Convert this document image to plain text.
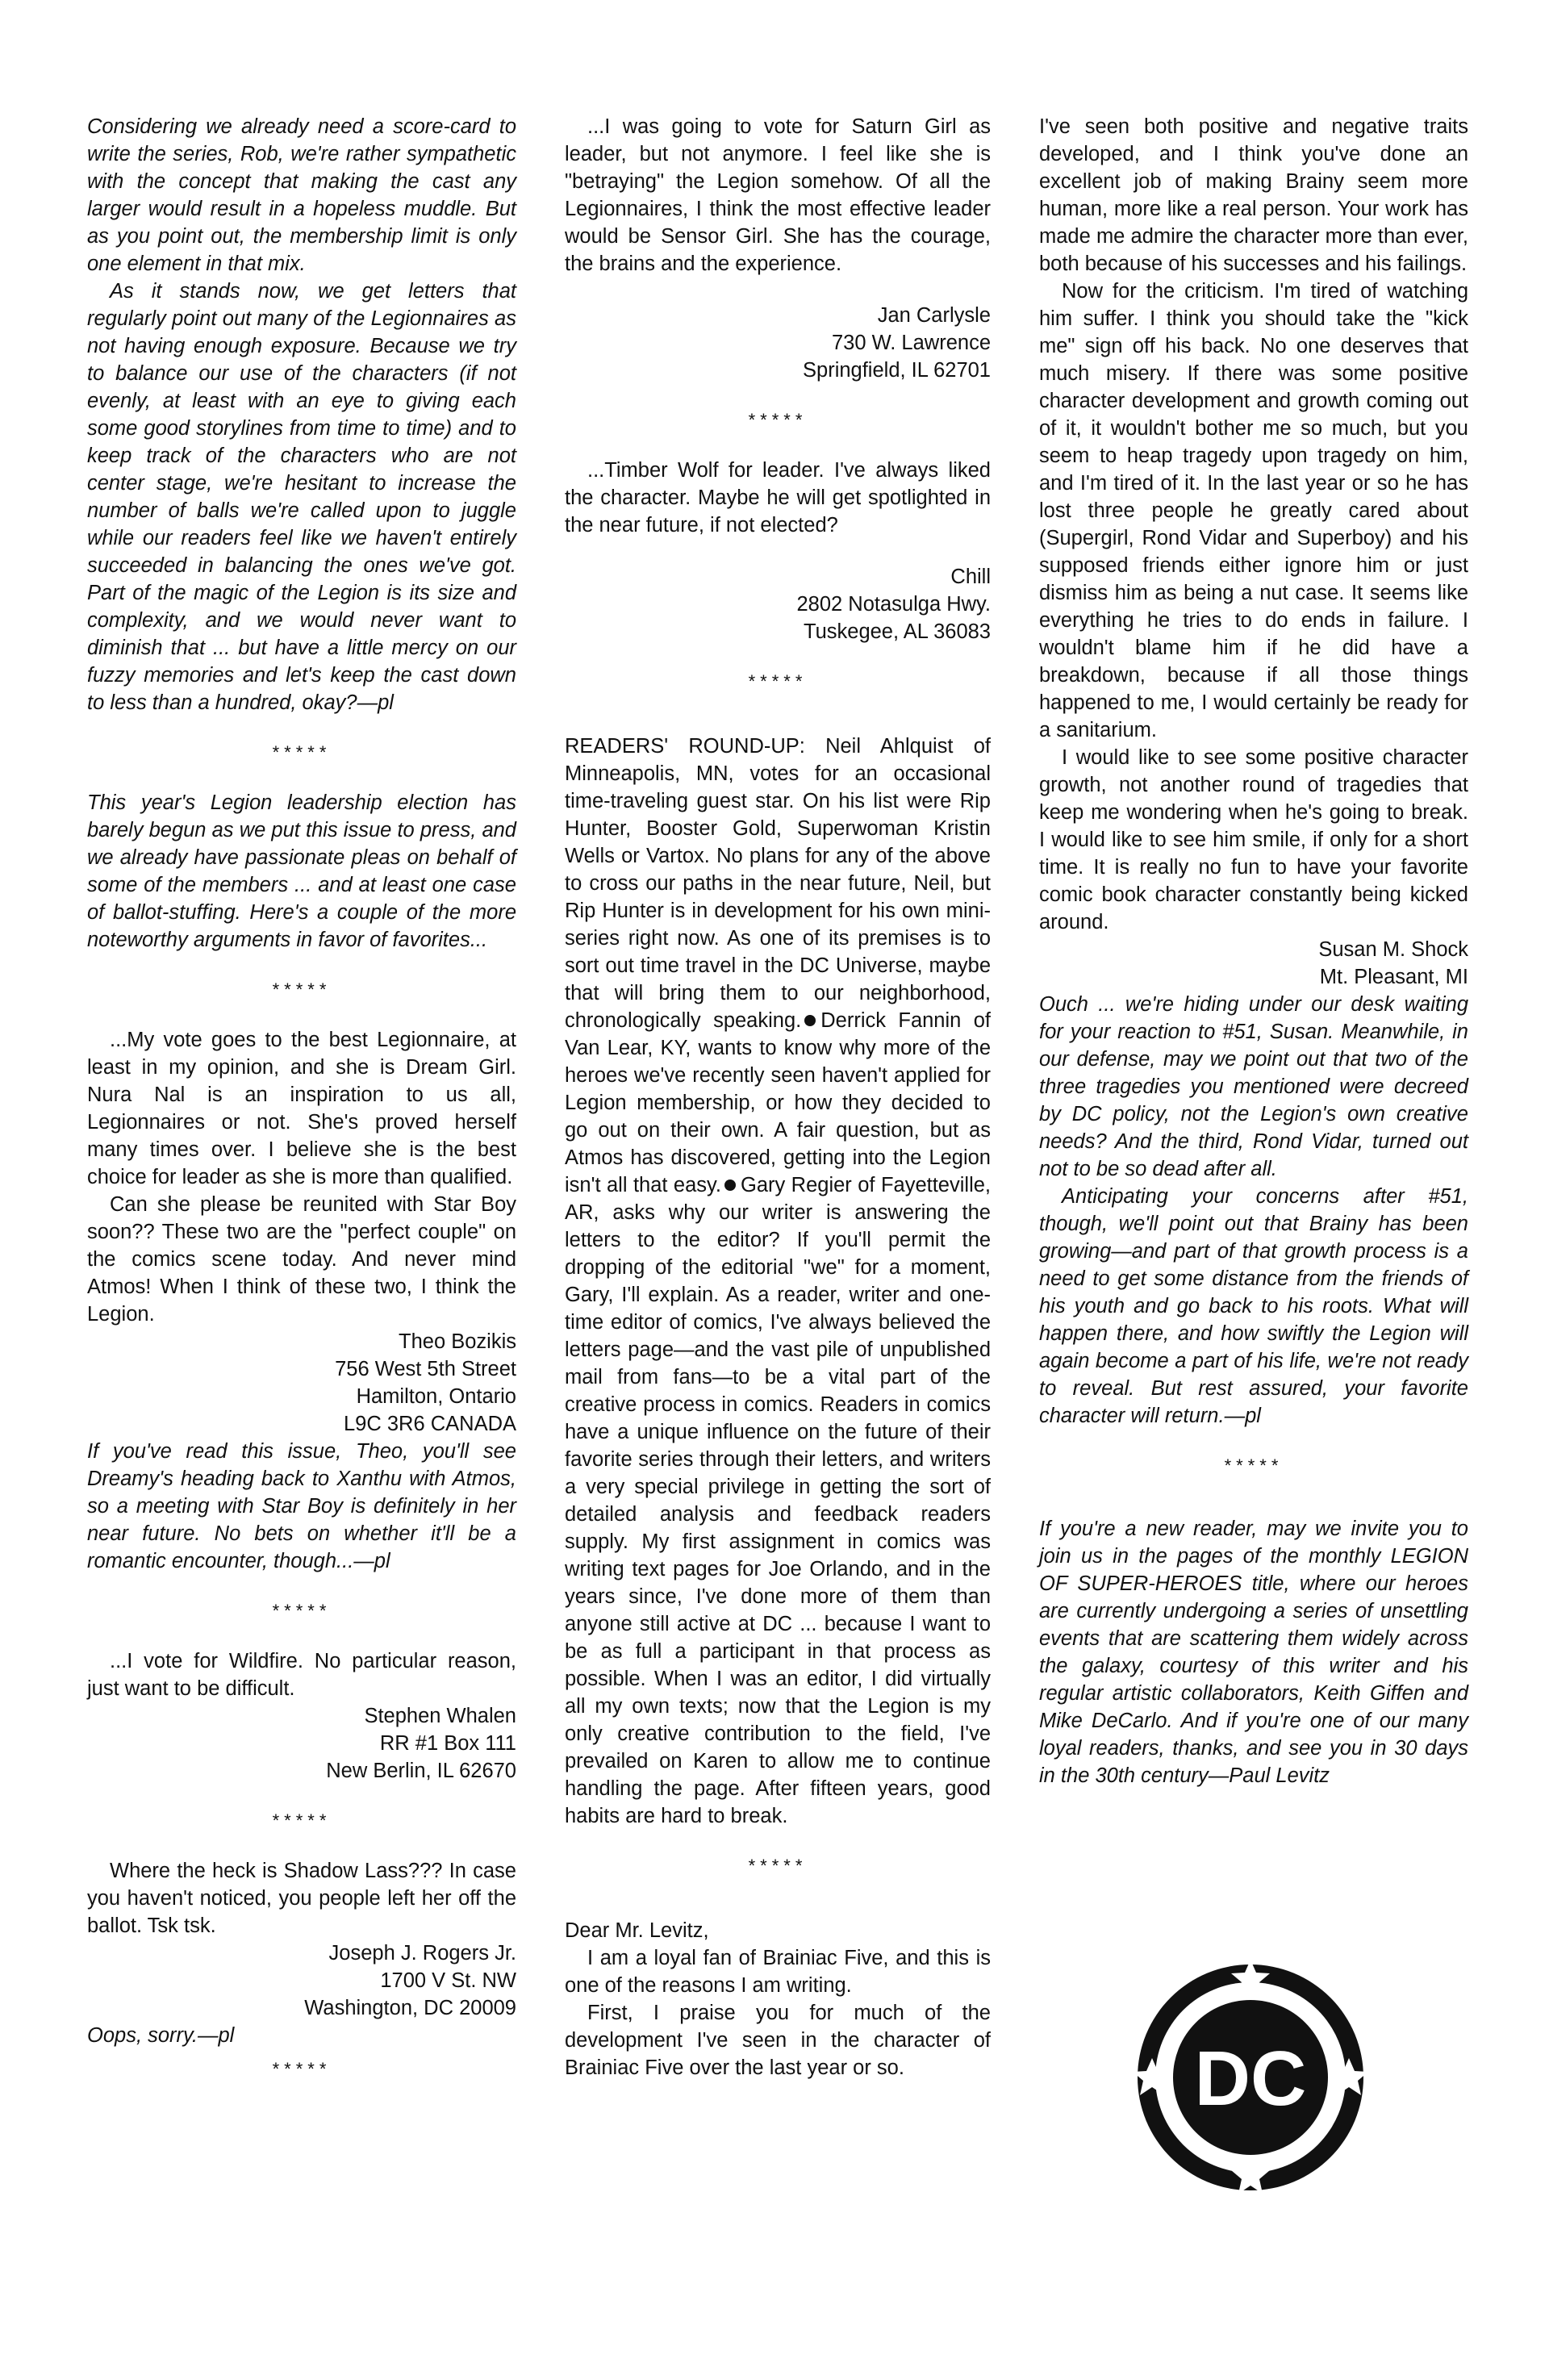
Considering we already need a score-card to write the series, Rob, we're rather sympathetic with the concept that making the cast any larger would result in a hopeless muddle. But as you point out, the membership limit is only one element in that mix.

As it stands now, we get letters that regularly point out many of the Legionnaires as not having enough exposure. Because we try to balance our use of the characters (if not evenly, at least with an eye to giving each some good storylines from time to time) and to keep track of the characters who are not center stage, we're hesitant to increase the number of balls we're called upon to juggle while our readers feel like we haven't entirely succeeded in balancing the ones we've got. Part of the magic of the Legion is its size and complexity, and we would never want to diminish that ... but have a little mercy on our fuzzy memories and let's keep the cast down to less than a hundred, okay?—pl

*****

This year's Legion leadership election has barely begun as we put this issue to press, and we already have passionate pleas on behalf of some of the members ... and at least one case of ballot-stuffing. Here's a couple of the more noteworthy arguments in favor of favorites...

*****

...My vote goes to the best Legionnaire, at least in my opinion, and she is Dream Girl. Nura Nal is an inspiration to us all, Legionnaires or not. She's proved herself many times over. I believe she is the best choice for leader as she is more than qualified.

Can she please be reunited with Star Boy soon?? These two are the "perfect couple" on the comics scene today. And never mind Atmos! When I think of these two, I think the Legion.

Theo Bozikis
756 West 5th Street
Hamilton, Ontario
L9C 3R6 CANADA

If you've read this issue, Theo, you'll see Dreamy's heading back to Xanthu with Atmos, so a meeting with Star Boy is definitely in her near future. No bets on whether it'll be a romantic encounter, though...—pl

*****

...I vote for Wildfire. No particular reason, just want to be difficult.

Stephen Whalen
RR #1 Box 111
New Berlin, IL 62670
*****

Where the heck is Shadow Lass??? In case you haven't noticed, you people left her off the ballot. Tsk tsk.

Joseph J. Rogers Jr.
1700 V St. NW
Washington, DC 20009

Oops, sorry.—pl

*****

...I was going to vote for Saturn Girl as leader, but not anymore. I feel like she is "betraying" the Legion somehow. Of all the Legionnaires, I think the most effective leader would be Sensor Girl. She has the courage, the brains and the experience.

Jan Carlysle
730 W. Lawrence
Springfield, IL 62701
*****

...Timber Wolf for leader. I've always liked the character. Maybe he will get spotlighted in the near future, if not elected?

Chill
2802 Notasulga Hwy.
Tuskegee, AL 36083
*****

READERS' ROUND-UP: Neil Ahlquist of Minneapolis, MN, votes for an occasional time-traveling guest star. On his list were Rip Hunter, Booster Gold, Superwoman Kristin Wells or Vartox. No plans for any of the above to cross our paths in the near future, Neil, but Rip Hunter is in development for his own mini-series right now. As one of its premises is to sort out time travel in the DC Universe, maybe that will bring them to our neighborhood, chronologically speaking. Derrick Fannin of Van Lear, KY, wants to know why more of the heroes we've recently seen haven't applied for Legion membership, or how they decided to go out on their own. A fair question, but as Atmos has discovered, getting into the Legion isn't all that easy. Gary Regier of Fayetteville, AR, asks why our writer is answering the letters to the editor? If you'll permit the dropping of the editorial "we" for a moment, Gary, I'll explain. As a reader, writer and one-time editor of comics, I've always believed the letters page—and the vast pile of unpublished mail from fans—to be a vital part of the creative process in comics. Readers in comics have a unique influence on the future of their favorite series through their letters, and writers a very special privilege in getting the sort of detailed analysis and feedback readers supply. My first assignment in comics was writing text pages for Joe Orlando, and in the years since, I've done more of them than anyone still active at DC ... because I want to be as full a participant in that process as possible. When I was an editor, I did virtually all my own texts; now that the Legion is my only creative contribution to the field, I've prevailed on Karen to allow me to continue handling the page. After fifteen years, good habits are hard to break.

*****

Dear Mr. Levitz,

I am a loyal fan of Brainiac Five, and this is one of the reasons I am writing.

First, I praise you for much of the development I've seen in the character of Brainiac Five over the last year or so.

I've seen both positive and negative traits developed, and I think you've done an excellent job of making Brainy seem more human, more like a real person. Your work has made me admire the character more than ever, both because of his successes and his failings.

Now for the criticism. I'm tired of watching him suffer. I think you should take the "kick me" sign off his back. No one deserves that much misery. If there was some positive character development and growth coming out of it, it wouldn't bother me so much, but you seem to heap tragedy upon tragedy on him, and I'm tired of it. In the last year or so he has lost three people he greatly cared about (Supergirl, Rond Vidar and Superboy) and his supposed friends either ignore him or just dismiss him as being a nut case. It seems like everything he tries to do ends in failure. I wouldn't blame him if he did have a breakdown, because if all those things happened to me, I would certainly be ready for a sanitarium.

I would like to see some positive character growth, not another round of tragedies that keep me wondering when he's going to break. I would like to see him smile, if only for a short time. It is really no fun to have your favorite comic book character constantly being kicked around.

Susan M. Shock
Mt. Pleasant, MI

Ouch ... we're hiding under our desk waiting for your reaction to #51, Susan. Meanwhile, in our defense, may we point out that two of the three tragedies you mentioned were decreed by DC policy, not the Legion's own creative needs? And the third, Rond Vidar, turned out not to be so dead after all.

Anticipating your concerns after #51, though, we'll point out that Brainy has been growing—and part of that growth process is a need to get some distance from the friends of his youth and go back to his roots. What will happen there, and how swiftly the Legion will again become a part of his life, we're not ready to reveal. But rest assured, your favorite character will return.—pl

*****

If you're a new reader, may we invite you to join us in the pages of the monthly LEGION OF SUPER-HEROES title, where our heroes are currently undergoing a series of unsettling events that are scattering them widely across the galaxy, courtesy of this writer and his regular artistic collaborators, Keith Giffen and Mike DeCarlo. And if you're one of our many loyal readers, thanks, and see you in 30 days in the 30th century—Paul Levitz

DC
